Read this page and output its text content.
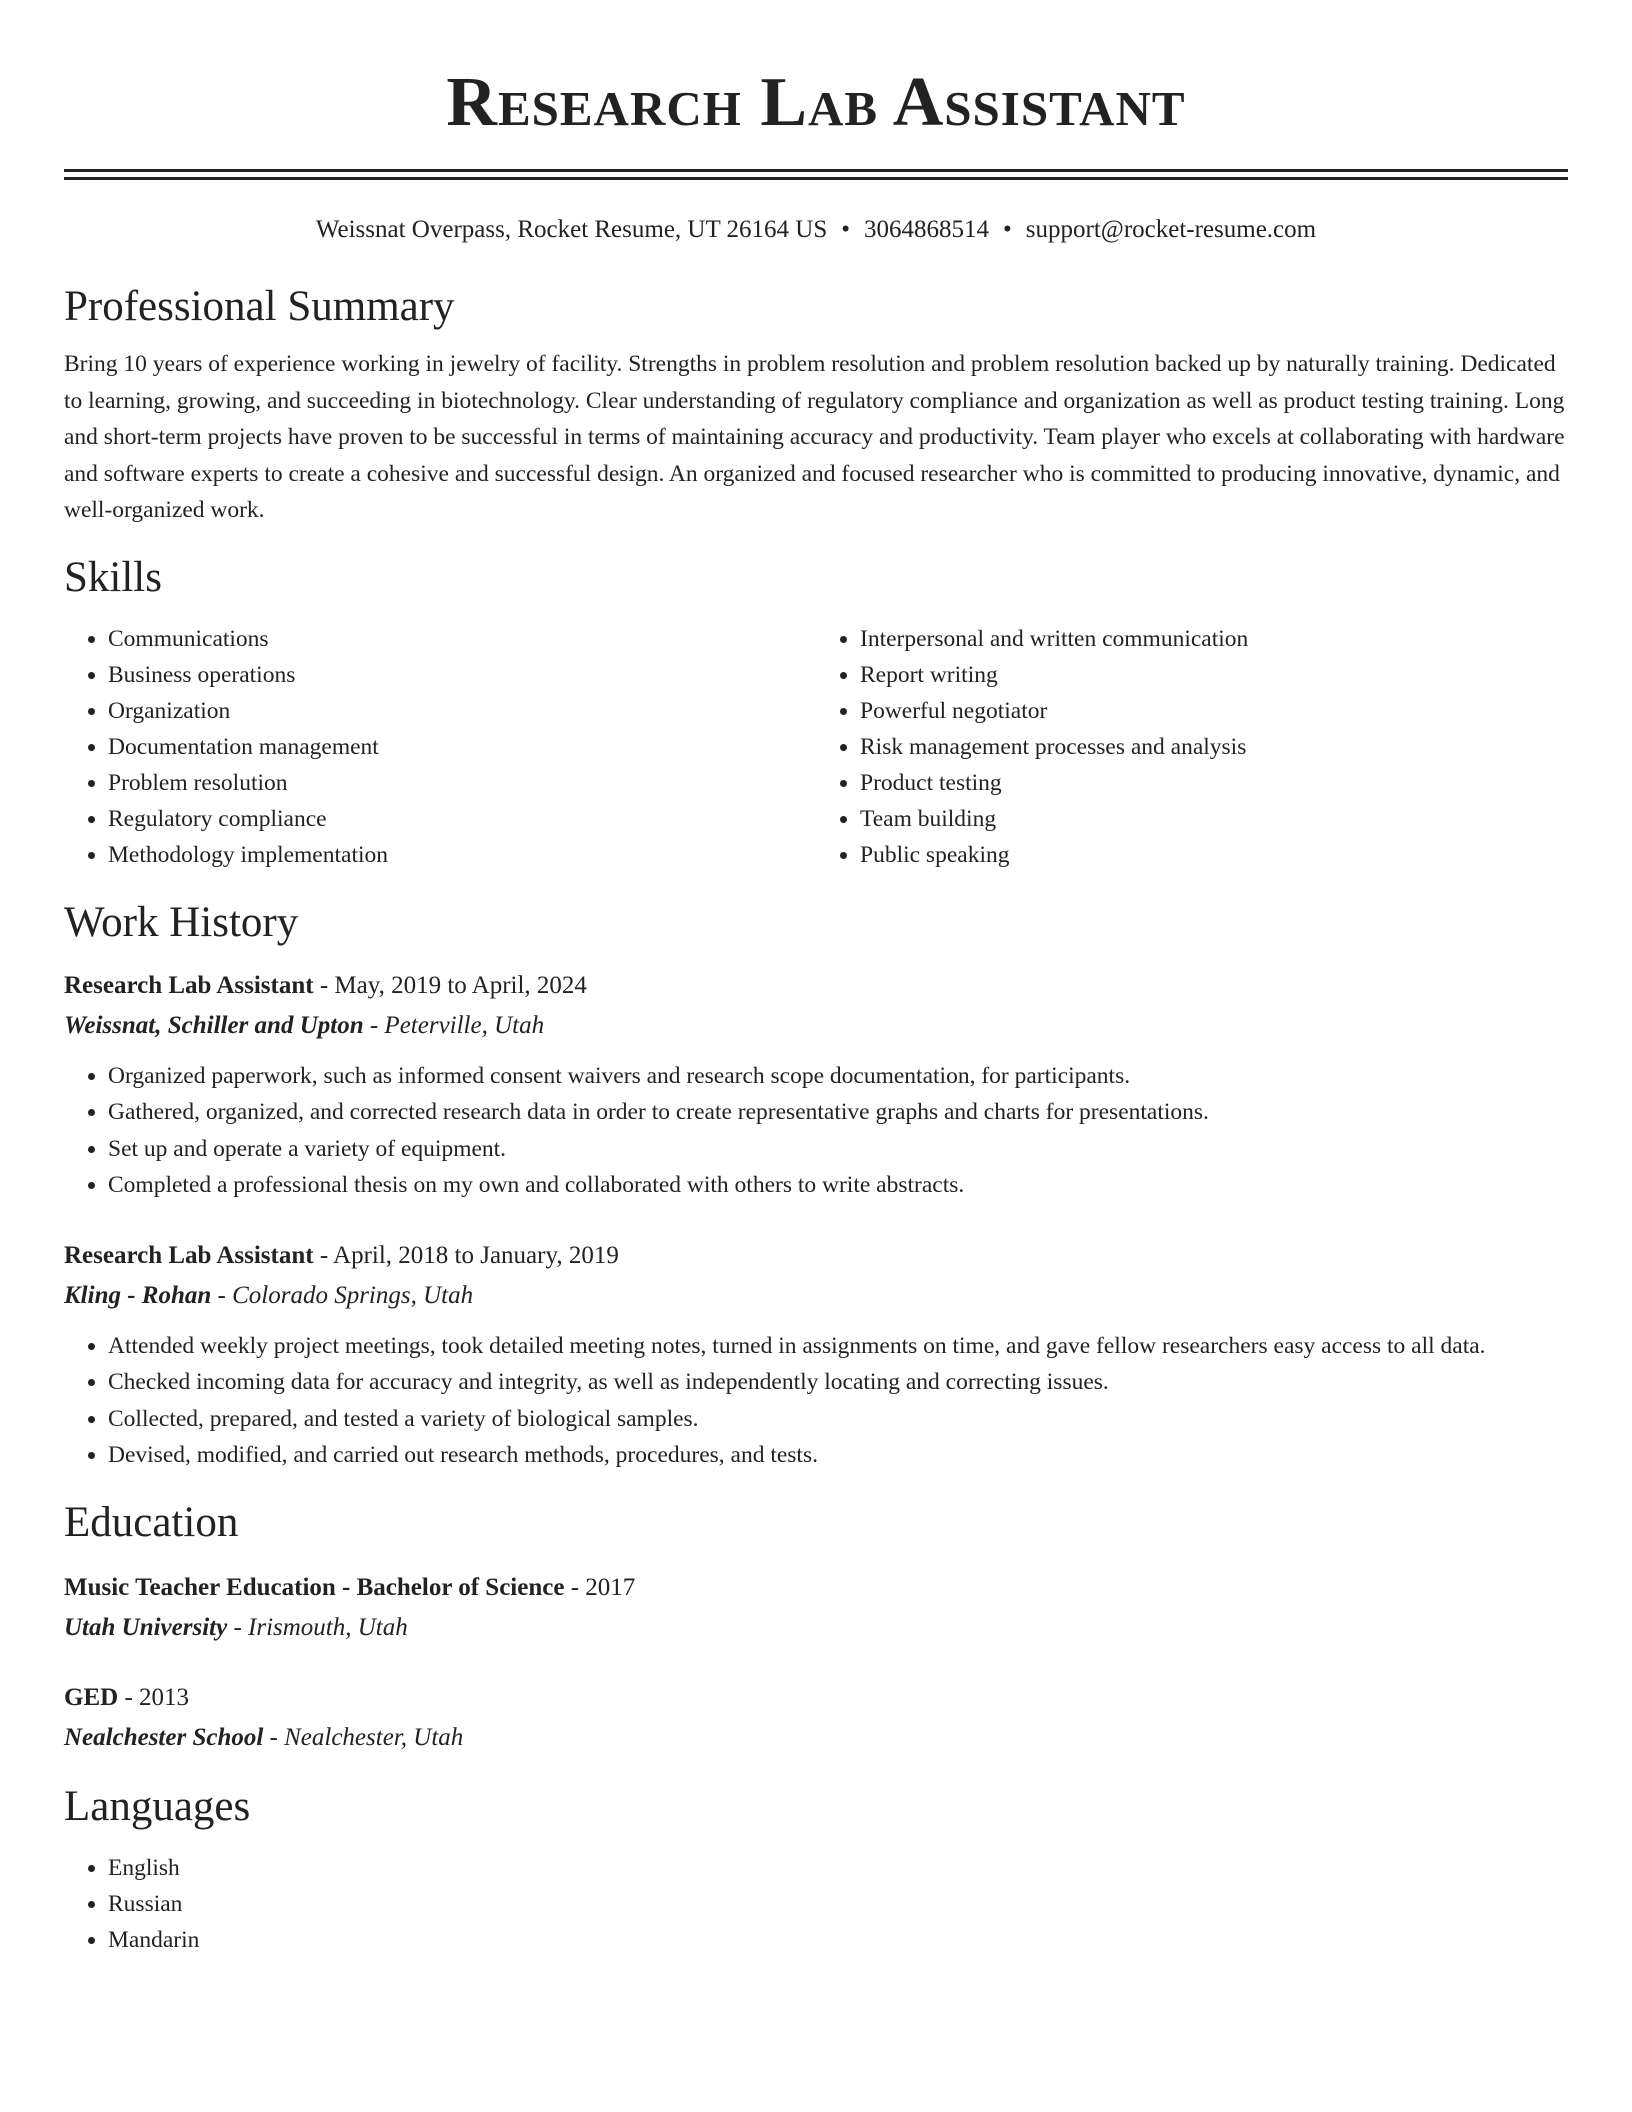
Research Lab Assistant
Weissnat Overpass, Rocket Resume, UT 26164 US • 3064868514 • support@rocket-resume.com
Professional Summary
Bring 10 years of experience working in jewelry of facility. Strengths in problem resolution and problem resolution backed up by naturally training. Dedicated to learning, growing, and succeeding in biotechnology. Clear understanding of regulatory compliance and organization as well as product testing training. Long and short-term projects have proven to be successful in terms of maintaining accuracy and productivity. Team player who excels at collaborating with hardware and software experts to create a cohesive and successful design. An organized and focused researcher who is committed to producing innovative, dynamic, and well-organized work.
Skills
• Communications
• Business operations
• Organization
• Documentation management
• Problem resolution
• Regulatory compliance
• Methodology implementation
• Interpersonal and written communication
• Report writing
• Powerful negotiator
• Risk management processes and analysis
• Product testing
• Team building
• Public speaking
Work History
Research Lab Assistant - May, 2019 to April, 2024
Weissnat, Schiller and Upton - Peterville, Utah
• Organized paperwork, such as informed consent waivers and research scope documentation, for participants.
• Gathered, organized, and corrected research data in order to create representative graphs and charts for presentations.
• Set up and operate a variety of equipment.
• Completed a professional thesis on my own and collaborated with others to write abstracts.
Research Lab Assistant - April, 2018 to January, 2019
Kling - Rohan - Colorado Springs, Utah
• Attended weekly project meetings, took detailed meeting notes, turned in assignments on time, and gave fellow researchers easy access to all data.
• Checked incoming data for accuracy and integrity, as well as independently locating and correcting issues.
• Collected, prepared, and tested a variety of biological samples.
• Devised, modified, and carried out research methods, procedures, and tests.
Education
Music Teacher Education - Bachelor of Science - 2017
Utah University - Irismouth, Utah
GED - 2013
Nealchester School - Nealchester, Utah
Languages
• English
• Russian
• Mandarin
